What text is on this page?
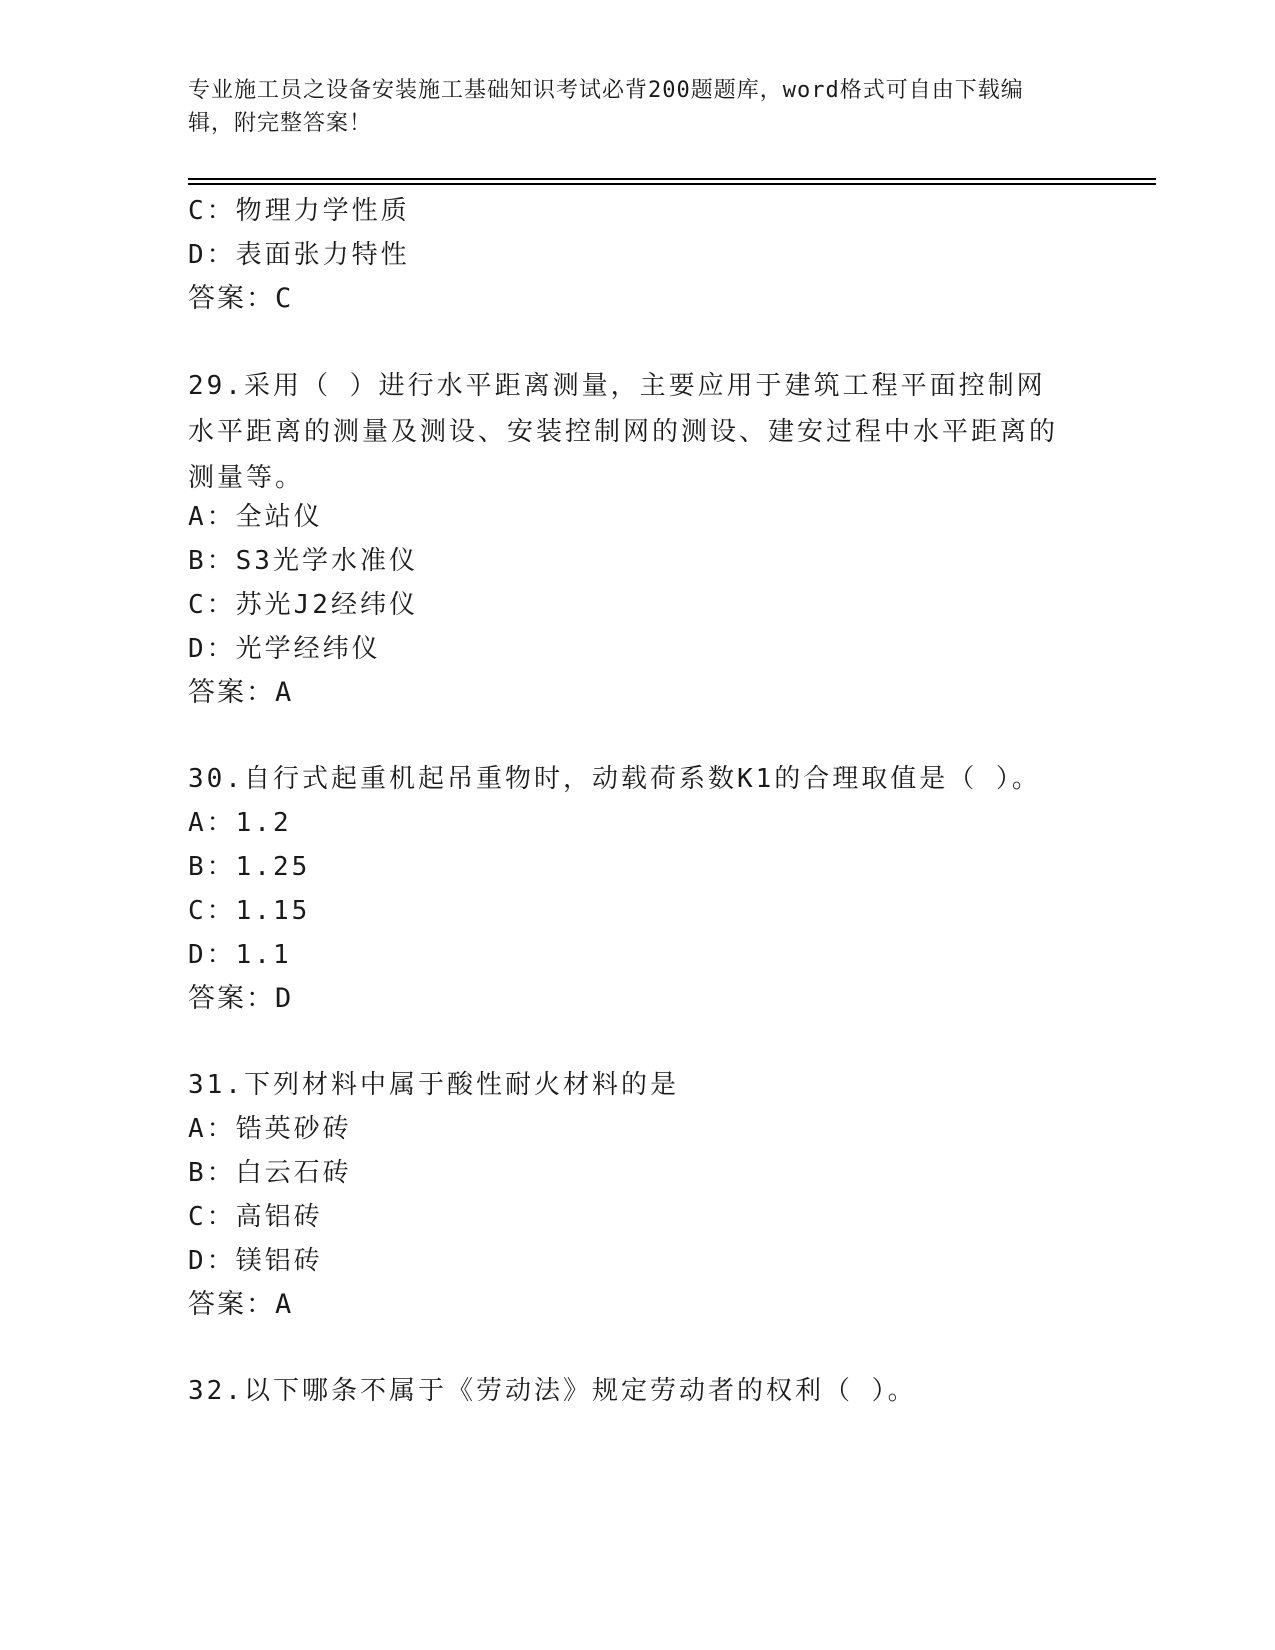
专业施工员之设备安装施工基础知识考试必背200题题库，word格式可自由下载编辑，附完整答案！
C：物理力学性质
D：表面张力特性
答案：C
29.采用（ ）进行水平距离测量，主要应用于建筑工程平面控制网水平距离的测量及测设、安装控制网的测设、建安过程中水平距离的测量等。
A：全站仪
B：S3光学水准仪
C：苏光J2经纬仪
D：光学经纬仪
答案：A
30.自行式起重机起吊重物时，动载荷系数K1的合理取值是（ ）。
A：1.2
B：1.25
C：1.15
D：1.1
答案：D
31.下列材料中属于酸性耐火材料的是
A：锆英砂砖
B：白云石砖
C：高铝砖
D：镁铝砖
答案：A
32.以下哪条不属于《劳动法》规定劳动者的权利（ ）。
